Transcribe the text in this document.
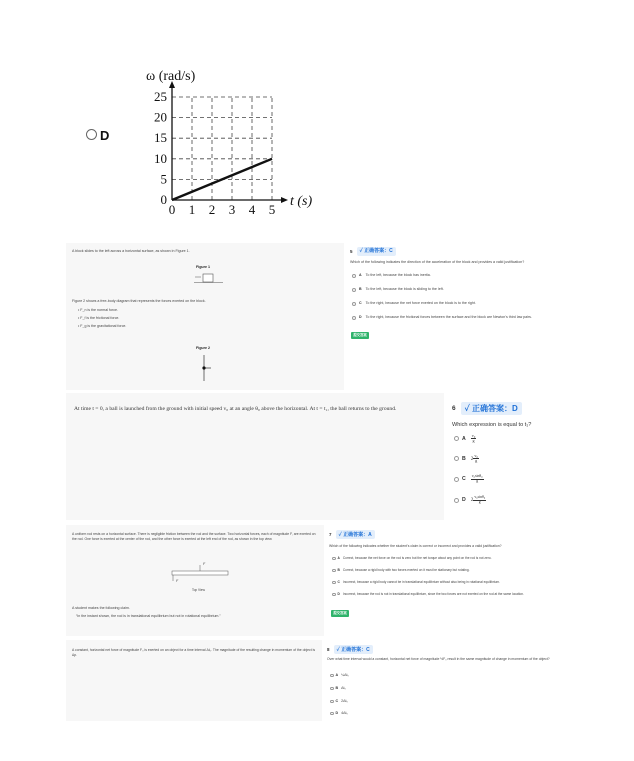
D
0 1 2 3 4 5
0
5
10
15
20
25
ω (rad/s)
t (s)
A block slides to the left across a horizontal surface, as shown in Figure 1.
Figure 1
Figure 2 shows a free-body diagram that represents the forces exerted on the block.
• F_n is the normal force.
• F_f is the frictional force.
• F_g is the gravitational force.
Figure 2
5	✓ 正确答案：C
Which of the following indicates the direction of the acceleration of the block and provides a valid justification?
A To the left, because the block has inertia.
B To the left, because the block is sliding to the left.
C To the right, because the net force exerted on the block is to the right.
D To the right, because the frictional forces between the surface and the block are Newton’s third law pairs.
提交答案
At time t = 0, a ball is launched from the ground with initial speed v₀ at an angle θ₀ above the horizontal. At t = t₁, the ball returns to the ground.	6	✓ 正确答案：D
Which expression is equal to t₁?
A $\frac{\text{v₀}}{g}$
B $2 \frac{\text{v₀}}{g}$
C $\frac{\text{v₀sinθ₀}}{g}$
D $2 \frac{\text{v₀sinθ₀}}{g}$
A uniform rod rests on a horizontal surface. There is negligible friction between the rod and the surface. Two horizontal forces, each of magnitude F, are exerted on the rod. One force is exerted at the center of the rod, and the other force is exerted at the left end of the rod, as shown in the top view.
F
F
Top View
A student makes the following claim.
“In the instant shown, the rod is in translational equilibrium but not in rotational equilibrium.”
7	✓ 正确答案：A
Which of the following indicates whether the student’s claim is correct or incorrect and provides a valid justification?
A Correct, because the net force on the rod is zero but the net torque about any point on the rod is not zero.
B Correct, because a rigid body with two forces exerted on it must be stationary but rotating.
C Incorrect, because a rigid body cannot be in translational equilibrium without also being in rotational equilibrium.
D Incorrect, because the rod is not in translational equilibrium, since the two forces are not exerted on the rod at the same location.
提交答案
A constant, horizontal net force of magnitude F₀ is exerted on an object for a time interval Δt₀. The magnitude of the resulting change in momentum of the object is Δp.
8	✓ 正确答案：C
Over what time interval would a constant, horizontal net force of magnitude ½F₀ result in the same magnitude of change in momentum of the object?
A ¼Δt₀
B Δt₀
C 2Δt₀
D 4Δt₀
